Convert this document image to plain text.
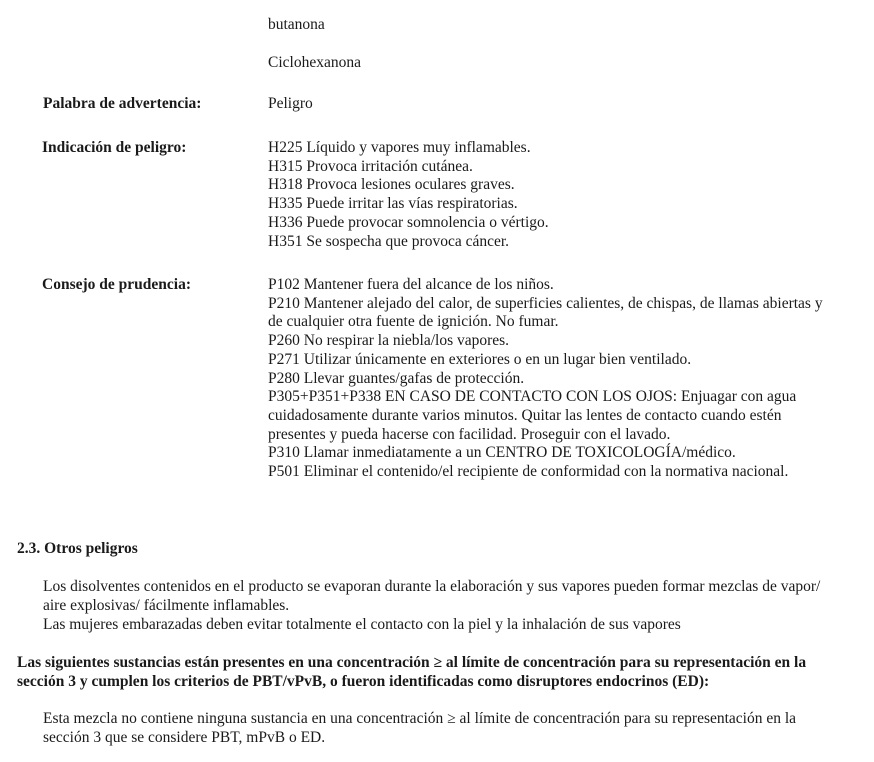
butanona

Ciclohexanona

Palabra de advertencia:	Peligro

Indicación de peligro:	H225 Líquido y vapores muy inflamables.
H315 Provoca irritación cutánea.
H318 Provoca lesiones oculares graves.
H335 Puede irritar las vías respiratorias.
H336 Puede provocar somnolencia o vértigo.
H351 Se sospecha que provoca cáncer.

Consejo de prudencia:	P102 Mantener fuera del alcance de los niños.
P210 Mantener alejado del calor, de superficies calientes, de chispas, de llamas abiertas y
de cualquier otra fuente de ignición. No fumar.
P260 No respirar la niebla/los vapores.
P271 Utilizar únicamente en exteriores o en un lugar bien ventilado.
P280 Llevar guantes/gafas de protección.
P305+P351+P338 EN CASO DE CONTACTO CON LOS OJOS: Enjuagar con agua
cuidadosamente durante varios minutos. Quitar las lentes de contacto cuando estén
presentes y pueda hacerse con facilidad. Proseguir con el lavado.
P310 Llamar inmediatamente a un CENTRO DE TOXICOLOGÍA/médico.
P501 Eliminar el contenido/el recipiente de conformidad con la normativa nacional.

2.3. Otros peligros

Los disolventes contenidos en el producto se evaporan durante la elaboración y sus vapores pueden formar mezclas de vapor/
aire explosivas/ fácilmente inflamables.
Las mujeres embarazadas deben evitar totalmente el contacto con la piel y la inhalación de sus vapores
Las siguientes sustancias están presentes en una concentración ≥ al límite de concentración para su representación en la
sección 3 y cumplen los criterios de PBT/vPvB, o fueron identificadas como disruptores endocrinos (ED):
Esta mezcla no contiene ninguna sustancia en una concentración ≥ al límite de concentración para su representación en la
sección 3 que se considere PBT, mPvB o ED.
